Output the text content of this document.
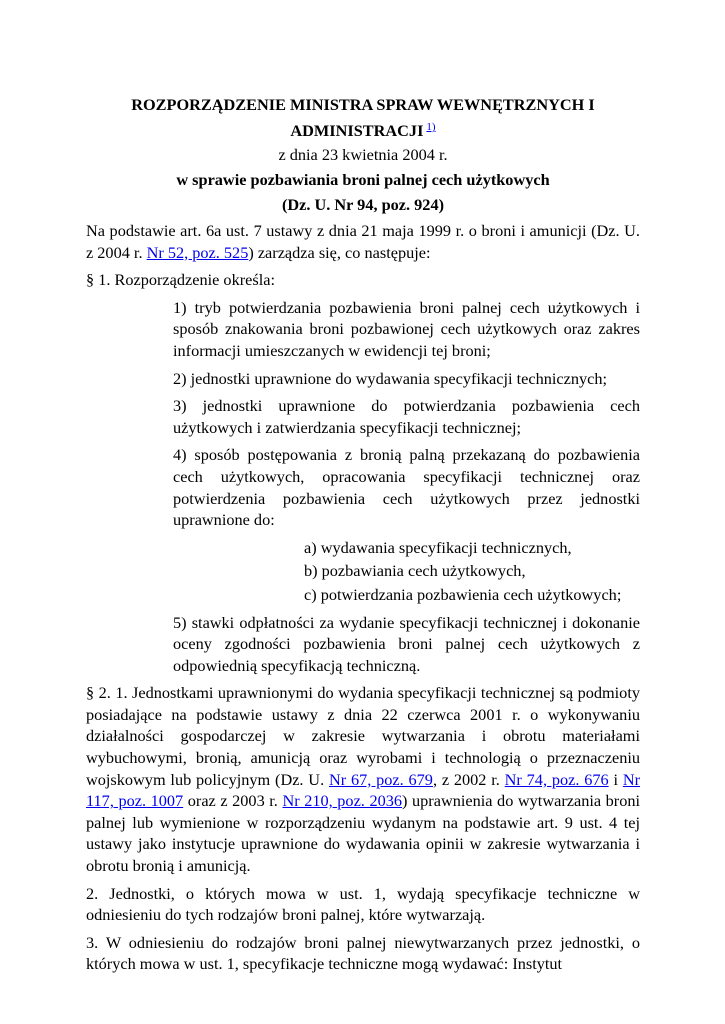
ROZPORZĄDZENIE MINISTRA SPRAW WEWNĘTRZNYCH I
ADMINISTRACJI $^{1)}$
z dnia 23 kwietnia 2004 r.
w sprawie pozbawiania broni palnej cech użytkowych
(Dz. U. Nr 94, poz. 924)

Na podstawie art. 6a ust. 7 ustawy z dnia 21 maja 1999 r. o broni i amunicji (Dz. U. z 2004 r. Nr 52, poz. 525) zarządza się, co następuje:

§ 1. Rozporządzenie określa:

1) tryb potwierdzania pozbawienia broni palnej cech użytkowych i sposób znakowania broni pozbawionej cech użytkowych oraz zakres informacji umieszczanych w ewidencji tej broni;

2) jednostki uprawnione do wydawania specyfikacji technicznych;

3) jednostki uprawnione do potwierdzania pozbawienia cech użytkowych i zatwierdzania specyfikacji technicznej;

4) sposób postępowania z bronią palną przekazaną do pozbawienia cech użytkowych, opracowania specyfikacji technicznej oraz potwierdzenia pozbawienia cech użytkowych przez jednostki uprawnione do:

a) wydawania specyfikacji technicznych,

b) pozbawiania cech użytkowych,

c) potwierdzania pozbawienia cech użytkowych;

5) stawki odpłatności za wydanie specyfikacji technicznej i dokonanie oceny zgodności pozbawienia broni palnej cech użytkowych z odpowiednią specyfikacją techniczną.

§ 2. 1. Jednostkami uprawnionymi do wydania specyfikacji technicznej są podmioty posiadające na podstawie ustawy z dnia 22 czerwca 2001 r. o wykonywaniu działalności gospodarczej w zakresie wytwarzania i obrotu materiałami wybuchowymi, bronią, amunicją oraz wyrobami i technologią o przeznaczeniu wojskowym lub policyjnym (Dz. U. Nr 67, poz. 679, z 2002 r. Nr 74, poz. 676 i Nr 117, poz. 1007 oraz z 2003 r. Nr 210, poz. 2036) uprawnienia do wytwarzania broni palnej lub wymienione w rozporządzeniu wydanym na podstawie art. 9 ust. 4 tej ustawy jako instytucje uprawnione do wydawania opinii w zakresie wytwarzania i obrotu bronią i amunicją.

2. Jednostki, o których mowa w ust. 1, wydają specyfikacje techniczne w odniesieniu do tych rodzajów broni palnej, które wytwarzają.

3. W odniesieniu do rodzajów broni palnej niewytwarzanych przez jednostki, o których mowa w ust. 1, specyfikacje techniczne mogą wydawać: Instytut
